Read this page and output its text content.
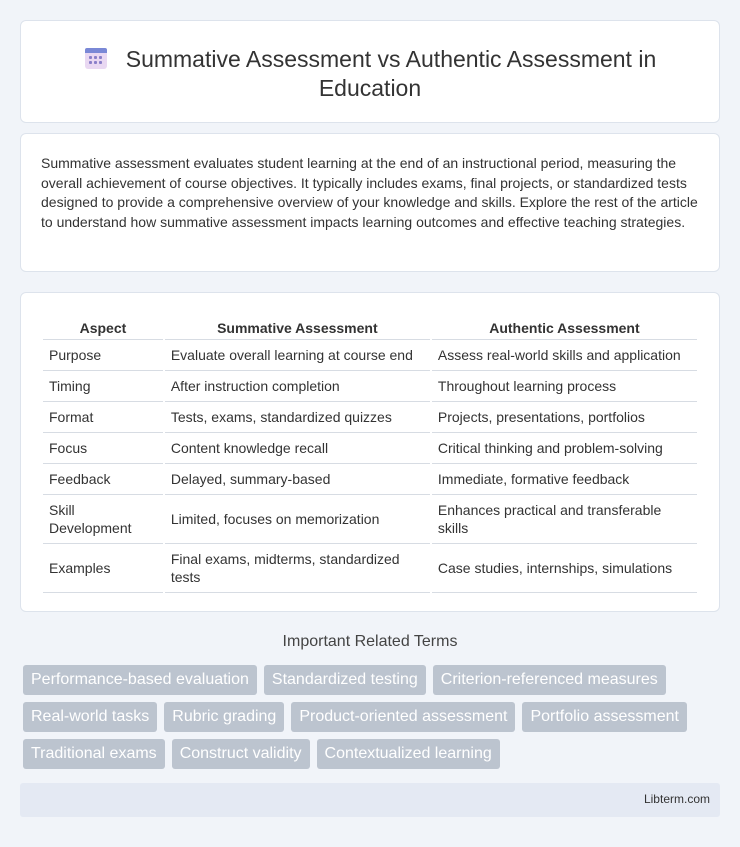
Summative Assessment vs Authentic Assessment in Education

Summative assessment evaluates student learning at the end of an instructional period, measuring the overall achievement of course objectives. It typically includes exams, final projects, or standardized tests designed to provide a comprehensive overview of your knowledge and skills. Explore the rest of the article to understand how summative assessment impacts learning outcomes and effective teaching strategies.

Aspect	Summative Assessment	Authentic Assessment
Purpose	Evaluate overall learning at course end	Assess real-world skills and application
Timing	After instruction completion	Throughout learning process
Format	Tests, exams, standardized quizzes	Projects, presentations, portfolios
Focus	Content knowledge recall	Critical thinking and problem-solving
Feedback	Delayed, summary-based	Immediate, formative feedback
Skill Development	Limited, focuses on memorization	Enhances practical and transferable skills
Examples	Final exams, midterms, standardized tests	Case studies, internships, simulations
Important Related Terms
Performance-based evaluation	Standardized testing	Criterion-referenced measures
Real-world tasks	Rubric grading	Product-oriented assessment	Portfolio assessment
Traditional exams	Construct validity	Contextualized learning
Libterm.com
